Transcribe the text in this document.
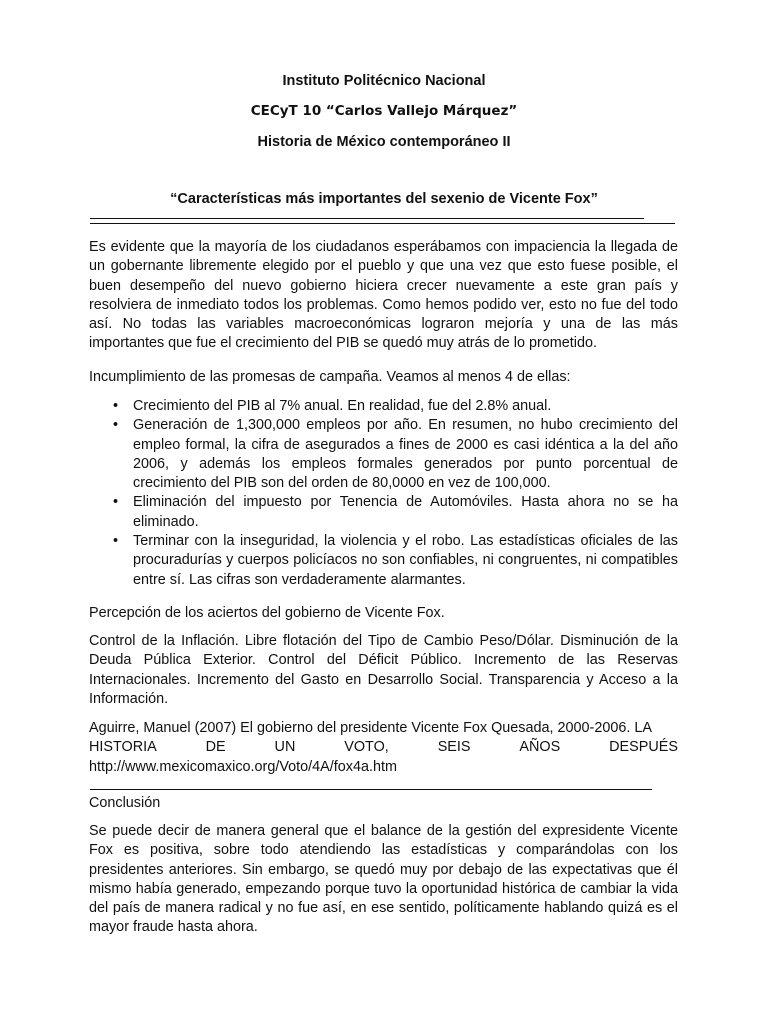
Instituto Politécnico Nacional
CECyT 10 “Carlos Vallejo Márquez”
Historia de México contemporáneo II
“Características más importantes del sexenio de Vicente Fox”
Es evidente que la mayoría de los ciudadanos esperábamos con impaciencia la llegada de un gobernante libremente elegido por el pueblo y que una vez que esto fuese posible, el buen desempeño del nuevo gobierno hiciera crecer nuevamente a este gran país y resolviera de inmediato todos los problemas. Como hemos podido ver, esto no fue del todo así. No todas las variables macroeconómicas lograron mejoría y una de las más importantes que fue el crecimiento del PIB se quedó muy atrás de lo prometido.
Incumplimiento de las promesas de campaña. Veamos al menos 4 de ellas:
• Crecimiento del PIB al 7% anual. En realidad, fue del 2.8% anual.
• Generación de 1,300,000 empleos por año. En resumen, no hubo crecimiento del empleo formal, la cifra de asegurados a fines de 2000 es casi idéntica a la del año 2006, y además los empleos formales generados por punto porcentual de crecimiento del PIB son del orden de 80,0000 en vez de 100,000.
• Eliminación del impuesto por Tenencia de Automóviles. Hasta ahora no se ha eliminado.
• Terminar con la inseguridad, la violencia y el robo. Las estadísticas oficiales de las procuradurías y cuerpos policíacos no son confiables, ni congruentes, ni compatibles entre sí. Las cifras son verdaderamente alarmantes.
Percepción de los aciertos del gobierno de Vicente Fox.
Control de la Inflación. Libre flotación del Tipo de Cambio Peso/Dólar. Disminución de la Deuda Pública Exterior. Control del Déficit Público. Incremento de las Reservas Internacionales. Incremento del Gasto en Desarrollo Social. Transparencia y Acceso a la Información.
Aguirre, Manuel (2007) El gobierno del presidente Vicente Fox Quesada, 2000-2006. LA
HISTORIA	DE	UN	VOTO,	SEIS	AÑOS	DESPUÉS
http://www.mexicomaxico.org/Voto/4A/fox4a.htm
Conclusión
Se puede decir de manera general que el balance de la gestión del expresidente Vicente Fox es positiva, sobre todo atendiendo las estadísticas y comparándolas con los presidentes anteriores. Sin embargo, se quedó muy por debajo de las expectativas que él mismo había generado, empezando porque tuvo la oportunidad histórica de cambiar la vida del país de manera radical y no fue así, en ese sentido, políticamente hablando quizá es el mayor fraude hasta ahora.
